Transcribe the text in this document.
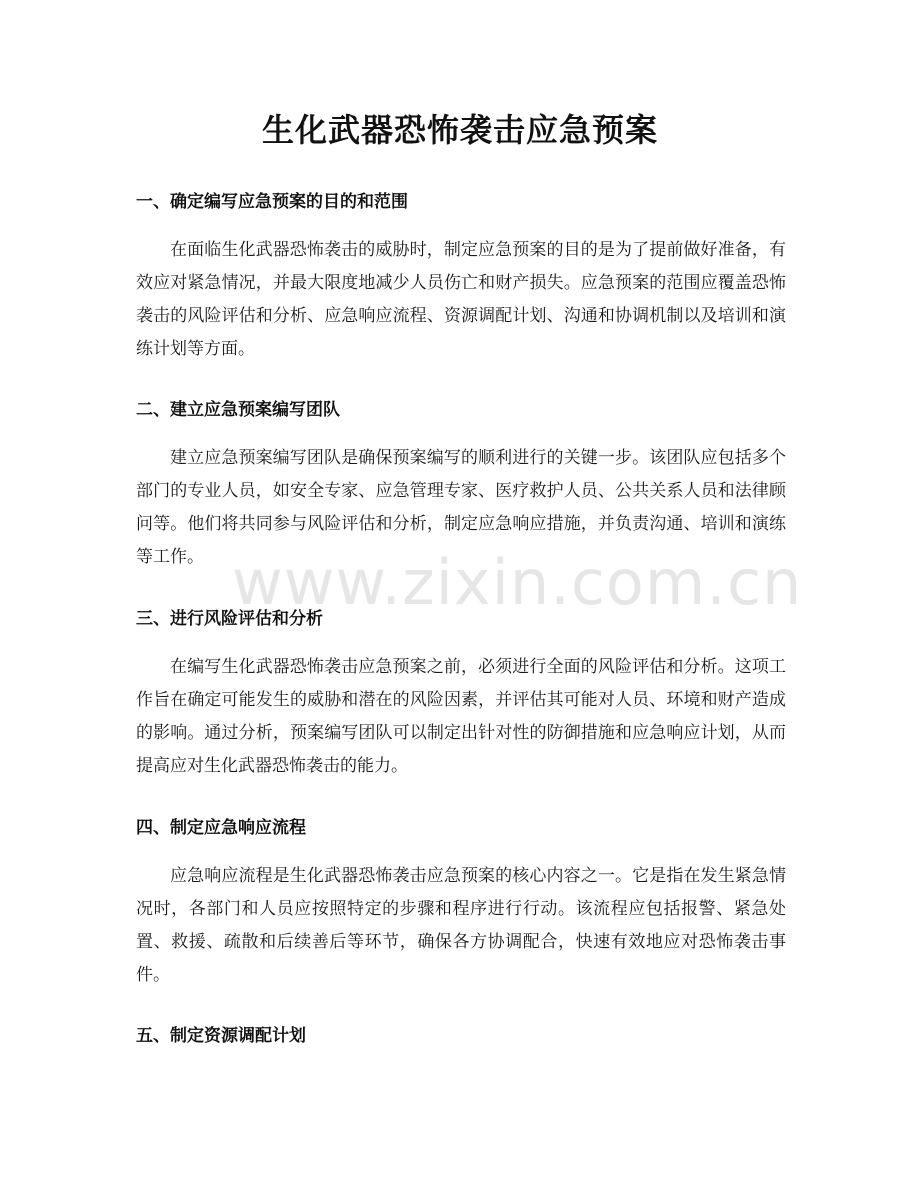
生化武器恐怖袭击应急预案
一、确定编写应急预案的目的和范围

在面临生化武器恐怖袭击的威胁时，制定应急预案的目的是为了提前做好准备，有效应对紧急情况，并最大限度地减少人员伤亡和财产损失。应急预案的范围应覆盖恐怖袭击的风险评估和分析、应急响应流程、资源调配计划、沟通和协调机制以及培训和演练计划等方面。

二、建立应急预案编写团队

建立应急预案编写团队是确保预案编写的顺利进行的关键一步。该团队应包括多个部门的专业人员，如安全专家、应急管理专家、医疗救护人员、公共关系人员和法律顾问等。他们将共同参与风险评估和分析，制定应急响应措施，并负责沟通、培训和演练等工作。

三、进行风险评估和分析

在编写生化武器恐怖袭击应急预案之前，必须进行全面的风险评估和分析。这项工作旨在确定可能发生的威胁和潜在的风险因素，并评估其可能对人员、环境和财产造成的影响。通过分析，预案编写团队可以制定出针对性的防御措施和应急响应计划，从而提高应对生化武器恐怖袭击的能力。

四、制定应急响应流程

应急响应流程是生化武器恐怖袭击应急预案的核心内容之一。它是指在发生紧急情况时，各部门和人员应按照特定的步骤和程序进行行动。该流程应包括报警、紧急处置、救援、疏散和后续善后等环节，确保各方协调配合，快速有效地应对恐怖袭击事件。

五、制定资源调配计划
www.zixin.com.cn
